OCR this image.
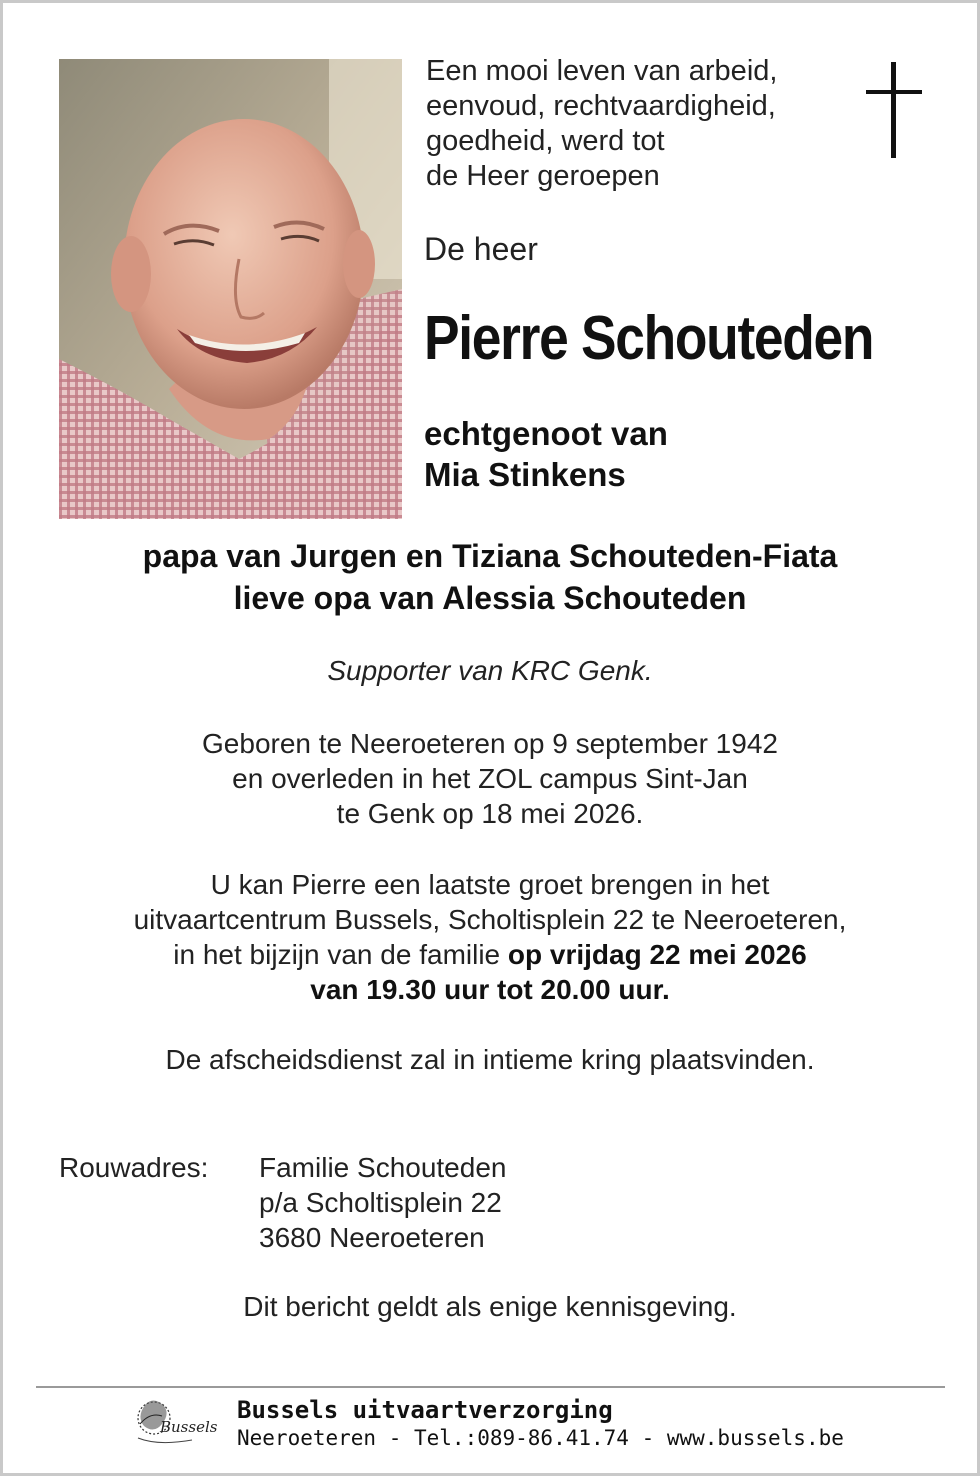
Een mooi leven van arbeid,
eenvoud, rechtvaardigheid,
goedheid, werd tot
de Heer geroepen
De heer
Pierre Schouteden
echtgenoot van
Mia Stinkens
papa van Jurgen en Tiziana Schouteden-Fiata
lieve opa van Alessia Schouteden
Supporter van KRC Genk.
Geboren te Neeroeteren op 9 september 1942
en overleden in het ZOL campus Sint-Jan
te Genk op 18 mei 2026.
U kan Pierre een laatste groet brengen in het
uitvaartcentrum Bussels, Scholtisplein 22 te Neeroeteren,
in het bijzijn van de familie op vrijdag 22 mei 2026
van 19.30 uur tot 20.00 uur.
De afscheidsdienst zal in intieme kring plaatsvinden.
Rouwadres: Familie Schouteden
p/a Scholtisplein 22
3680 Neeroeteren
Dit bericht geldt als enige kennisgeving.
Bussels
Bussels uitvaartverzorging
Neeroeteren - Tel.:089-86.41.74 - www.bussels.be
